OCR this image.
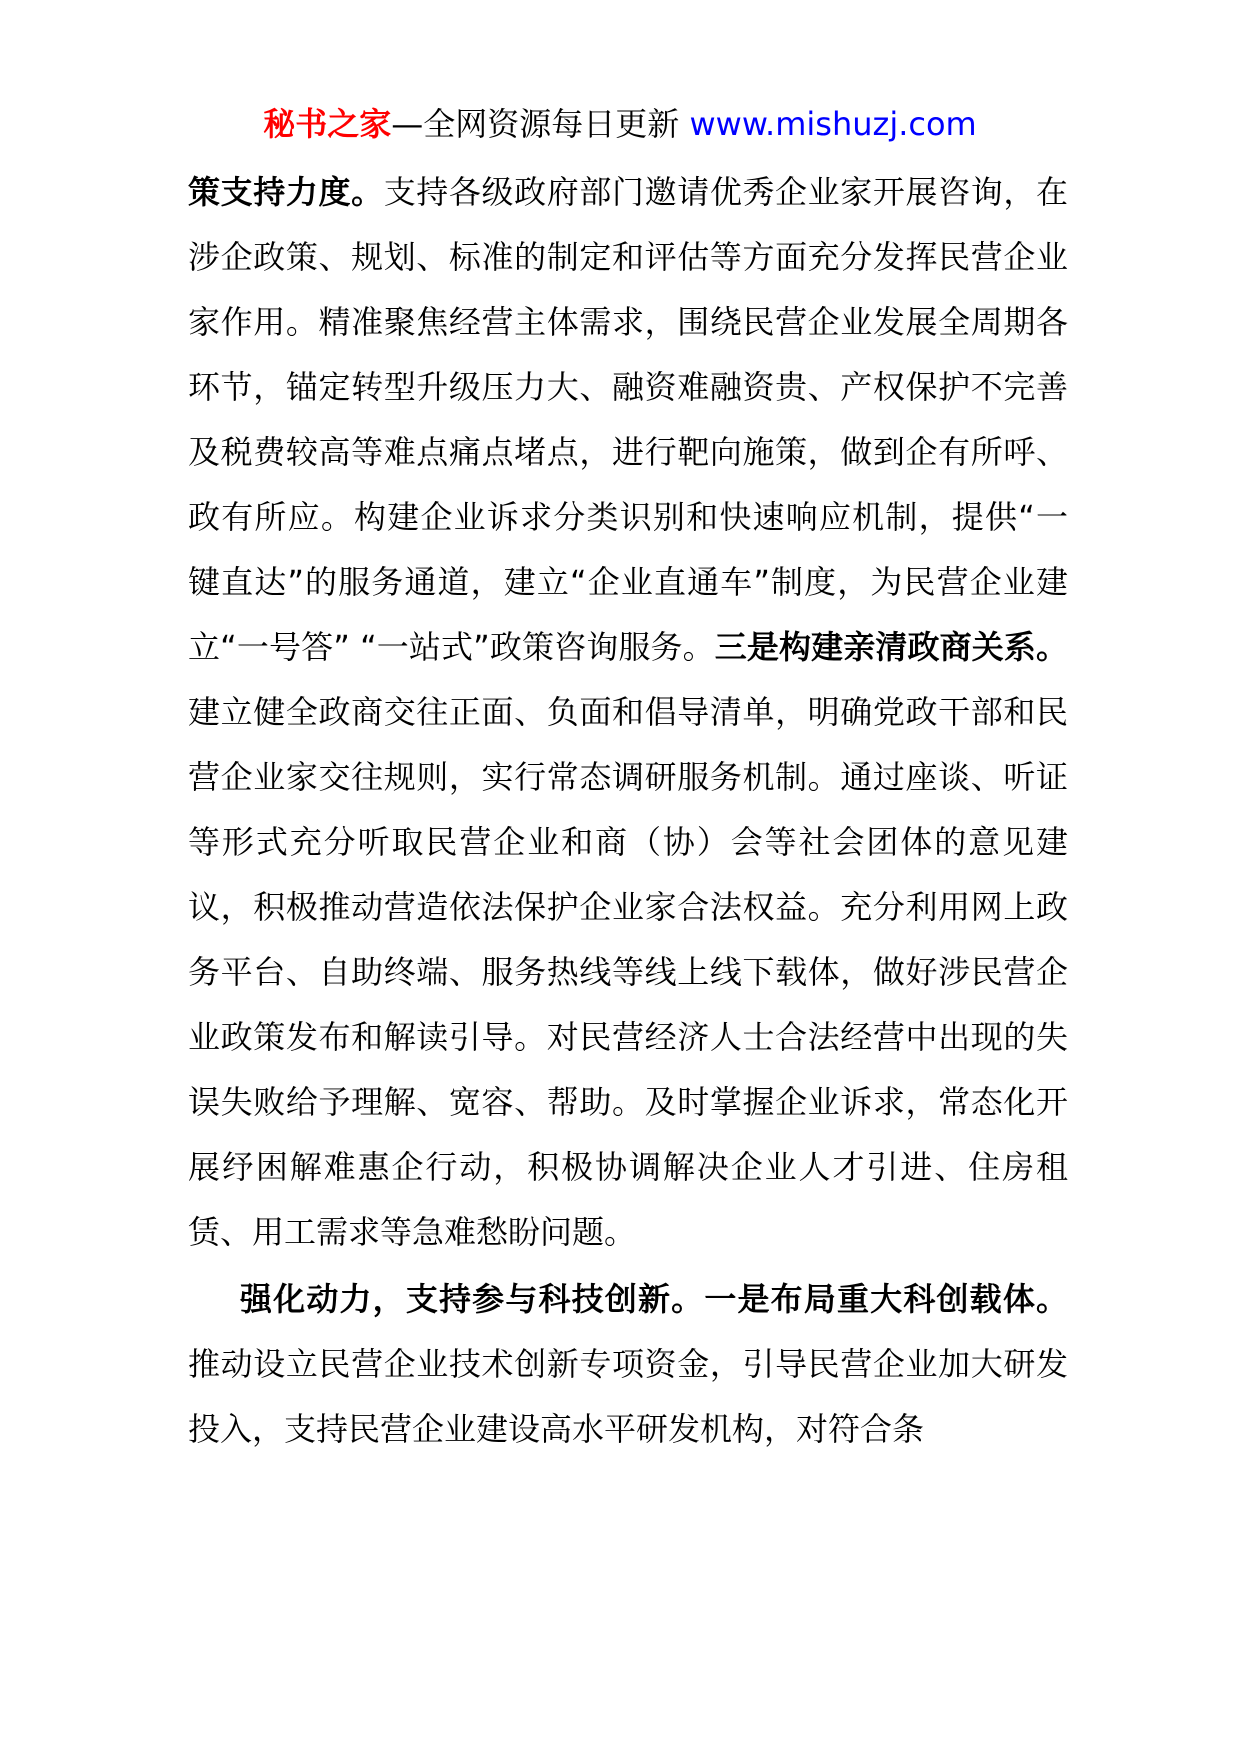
秘书之家—全网资源每日更新 www.mishuzj.com

策支持力度。支持各级政府部门邀请优秀企业家开展咨询，在涉企政策、规划、标准的制定和评估等方面充分发挥民营企业家作用。精准聚焦经营主体需求，围绕民营企业发展全周期各环节，锚定转型升级压力大、融资难融资贵、产权保护不完善及税费较高等难点痛点堵点，进行靶向施策，做到企有所呼、政有所应。构建企业诉求分类识别和快速响应机制，提供“一键直达”的服务通道，建立“企业直通车”制度，为民营企业建立“一号答” “一站式”政策咨询服务。三是构建亲清政商关系。建立健全政商交往正面、负面和倡导清单，明确党政干部和民营企业家交往规则，实行常态调研服务机制。通过座谈、听证等形式充分听取民营企业和商（协）会等社会团体的意见建议，积极推动营造依法保护企业家合法权益。充分利用网上政务平台、自助终端、服务热线等线上线下载体，做好涉民营企业政策发布和解读引导。对民营经济人士合法经营中出现的失误失败给予理解、宽容、帮助。及时掌握企业诉求，常态化开展纾困解难惠企行动，积极协调解决企业人才引进、住房租赁、用工需求等急难愁盼问题。

强化动力，支持参与科技创新。一是布局重大科创载体。推动设立民营企业技术创新专项资金，引导民营企业加大研发投入，支持民营企业建设高水平研发机构，对符合条
